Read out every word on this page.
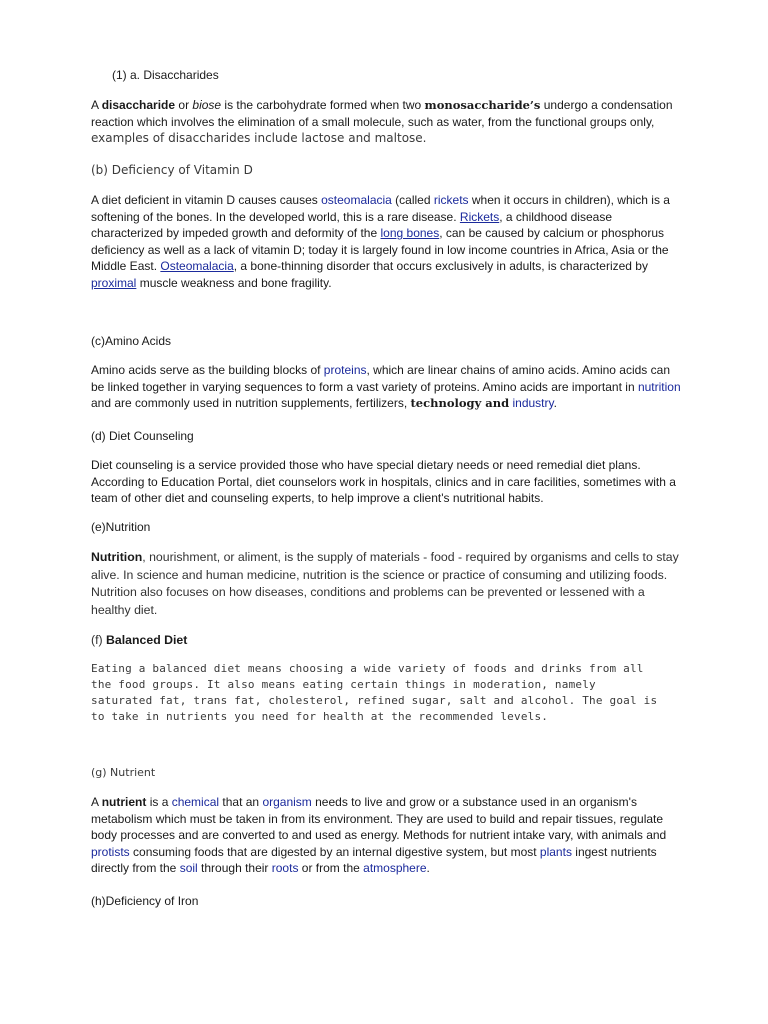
(1) a. Disaccharides
A disaccharide or biose is the carbohydrate formed when two monosaccharide’s undergo a condensation reaction which involves the elimination of a small molecule, such as water, from the functional groups only, examples of disaccharides include lactose and maltose.
(b) Deficiency of Vitamin D
A diet deficient in vitamin D causes causes osteomalacia (called rickets when it occurs in children), which is a softening of the bones. In the developed world, this is a rare disease. Rickets, a childhood disease characterized by impeded growth and deformity of the long bones, can be caused by calcium or phosphorus deficiency as well as a lack of vitamin D; today it is largely found in low income countries in Africa, Asia or the Middle East. Osteomalacia, a bone-thinning disorder that occurs exclusively in adults, is characterized by proximal muscle weakness and bone fragility.
(c)Amino Acids
Amino acids serve as the building blocks of proteins, which are linear chains of amino acids. Amino acids can be linked together in varying sequences to form a vast variety of proteins. Amino acids are important in nutrition and are commonly used in nutrition supplements, fertilizers, technology and industry.
(d) Diet Counseling
Diet counseling is a service provided those who have special dietary needs or need remedial diet plans. According to Education Portal, diet counselors work in hospitals, clinics and in care facilities, sometimes with a team of other diet and counseling experts, to help improve a client's nutritional habits.
(e)Nutrition
Nutrition, nourishment, or aliment, is the supply of materials - food - required by organisms and cells to stay alive. In science and human medicine, nutrition is the science or practice of consuming and utilizing foods. Nutrition also focuses on how diseases, conditions and problems can be prevented or lessened with a healthy diet.
(f) Balanced Diet
Eating a balanced diet means choosing a wide variety of foods and drinks from all the food groups. It also means eating certain things in moderation, namely saturated fat, trans fat, cholesterol, refined sugar, salt and alcohol. The goal is to take in nutrients you need for health at the recommended levels.
(g) Nutrient
A nutrient is a chemical that an organism needs to live and grow or a substance used in an organism's metabolism which must be taken in from its environment. They are used to build and repair tissues, regulate body processes and are converted to and used as energy. Methods for nutrient intake vary, with animals and protists consuming foods that are digested by an internal digestive system, but most plants ingest nutrients directly from the soil through their roots or from the atmosphere.
(h)Deficiency of Iron
